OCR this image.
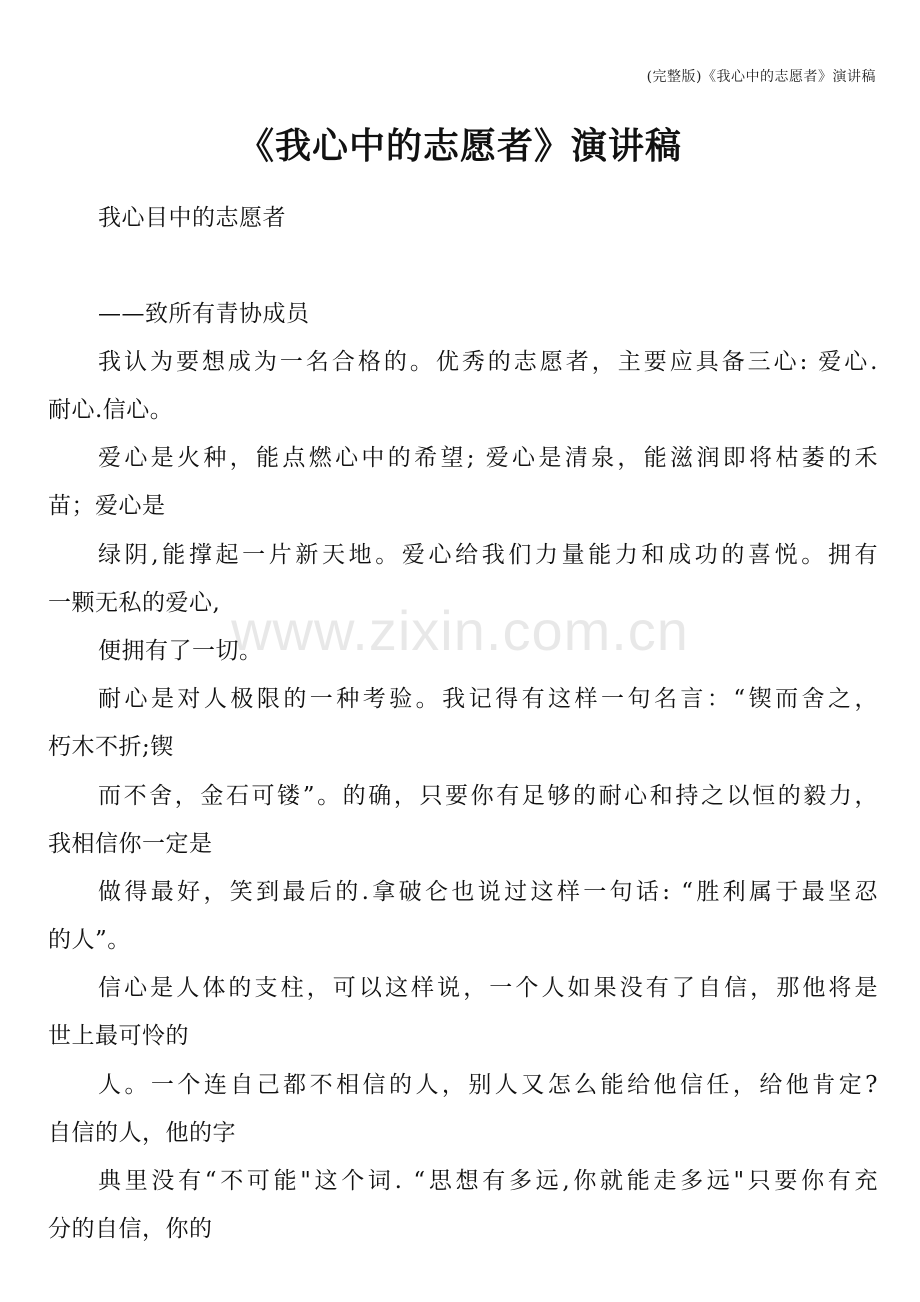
(完整版)《我心中的志愿者》演讲稿
《我心中的志愿者》演讲稿
www.zixin.com.cn
我心目中的志愿者
——致所有青协成员
我认为要想成为一名合格的。优秀的志愿者，主要应具备三心: 爱心.
耐心.信心。
爱心是火种，能点燃心中的希望; 爱心是清泉，能滋润即将枯萎的禾
苗；爱心是
绿阴,能撑起一片新天地。爱心给我们力量能力和成功的喜悦。拥有
一颗无私的爱心,
便拥有了一切。
耐心是对人极限的一种考验。我记得有这样一句名言：“锲而舍之，
朽木不折;锲
而不舍，金石可镂”。的确，只要你有足够的耐心和持之以恒的毅力，
我相信你一定是
做得最好，笑到最后的.拿破仑也说过这样一句话: “胜利属于最坚忍
的人”。
信心是人体的支柱，可以这样说，一个人如果没有了自信，那他将是
世上最可怜的
人。一个连自己都不相信的人，别人又怎么能给他信任，给他肯定?
自信的人，他的字
典里没有“不可能"这个词. “思想有多远,你就能走多远"只要你有充
分的自信，你的
